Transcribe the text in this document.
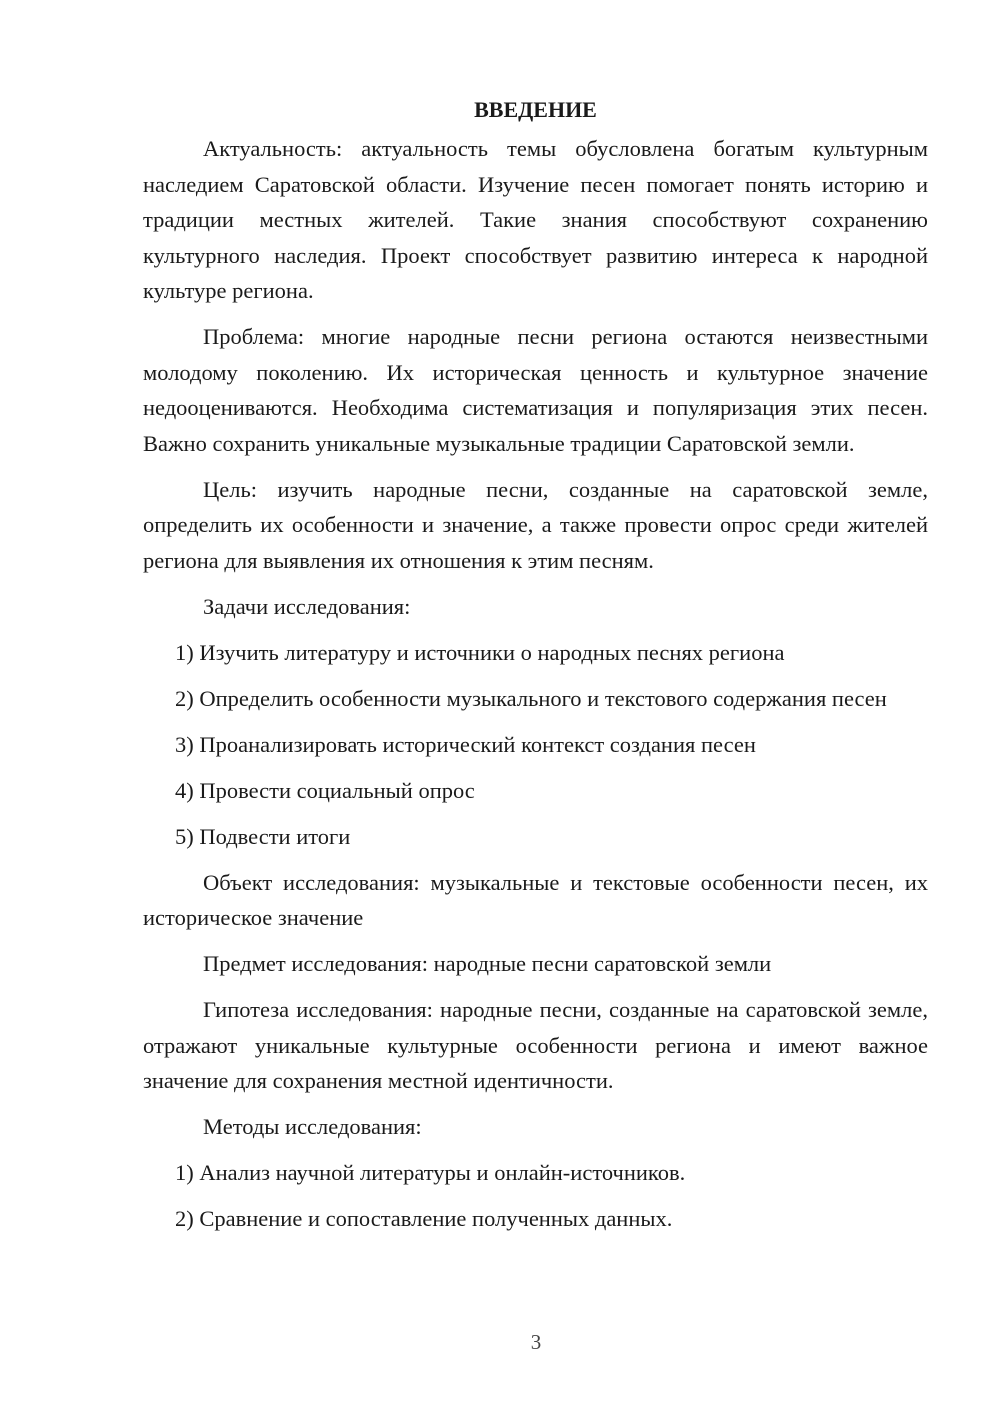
ВВЕДЕНИЕ

Актуальность: актуальность темы обусловлена богатым культурным наследием Саратовской области. Изучение песен помогает понять историю и традиции местных жителей. Такие знания способствуют сохранению культурного наследия. Проект способствует развитию интереса к народной культуре региона.

Проблема: многие народные песни региона остаются неизвестными молодому поколению. Их историческая ценность и культурное значение недооцениваются. Необходима систематизация и популяризация этих песен. Важно сохранить уникальные музыкальные традиции Саратовской земли.

Цель: изучить народные песни, созданные на саратовской земле, определить их особенности и значение, а также провести опрос среди жителей региона для выявления их отношения к этим песням.

Задачи исследования:

1) Изучить литературу и источники о народных песнях региона

2) Определить особенности музыкального и текстового содержания песен

3) Проанализировать исторический контекст создания песен

4) Провести социальный опрос

5) Подвести итоги

Объект исследования: музыкальные и текстовые особенности песен, их историческое значение

Предмет исследования: народные песни саратовской земли

Гипотеза исследования: народные песни, созданные на саратовской земле, отражают уникальные культурные особенности региона и имеют важное значение для сохранения местной идентичности.

Методы исследования:

1) Анализ научной литературы и онлайн-источников.

2) Сравнение и сопоставление полученных данных.

3
